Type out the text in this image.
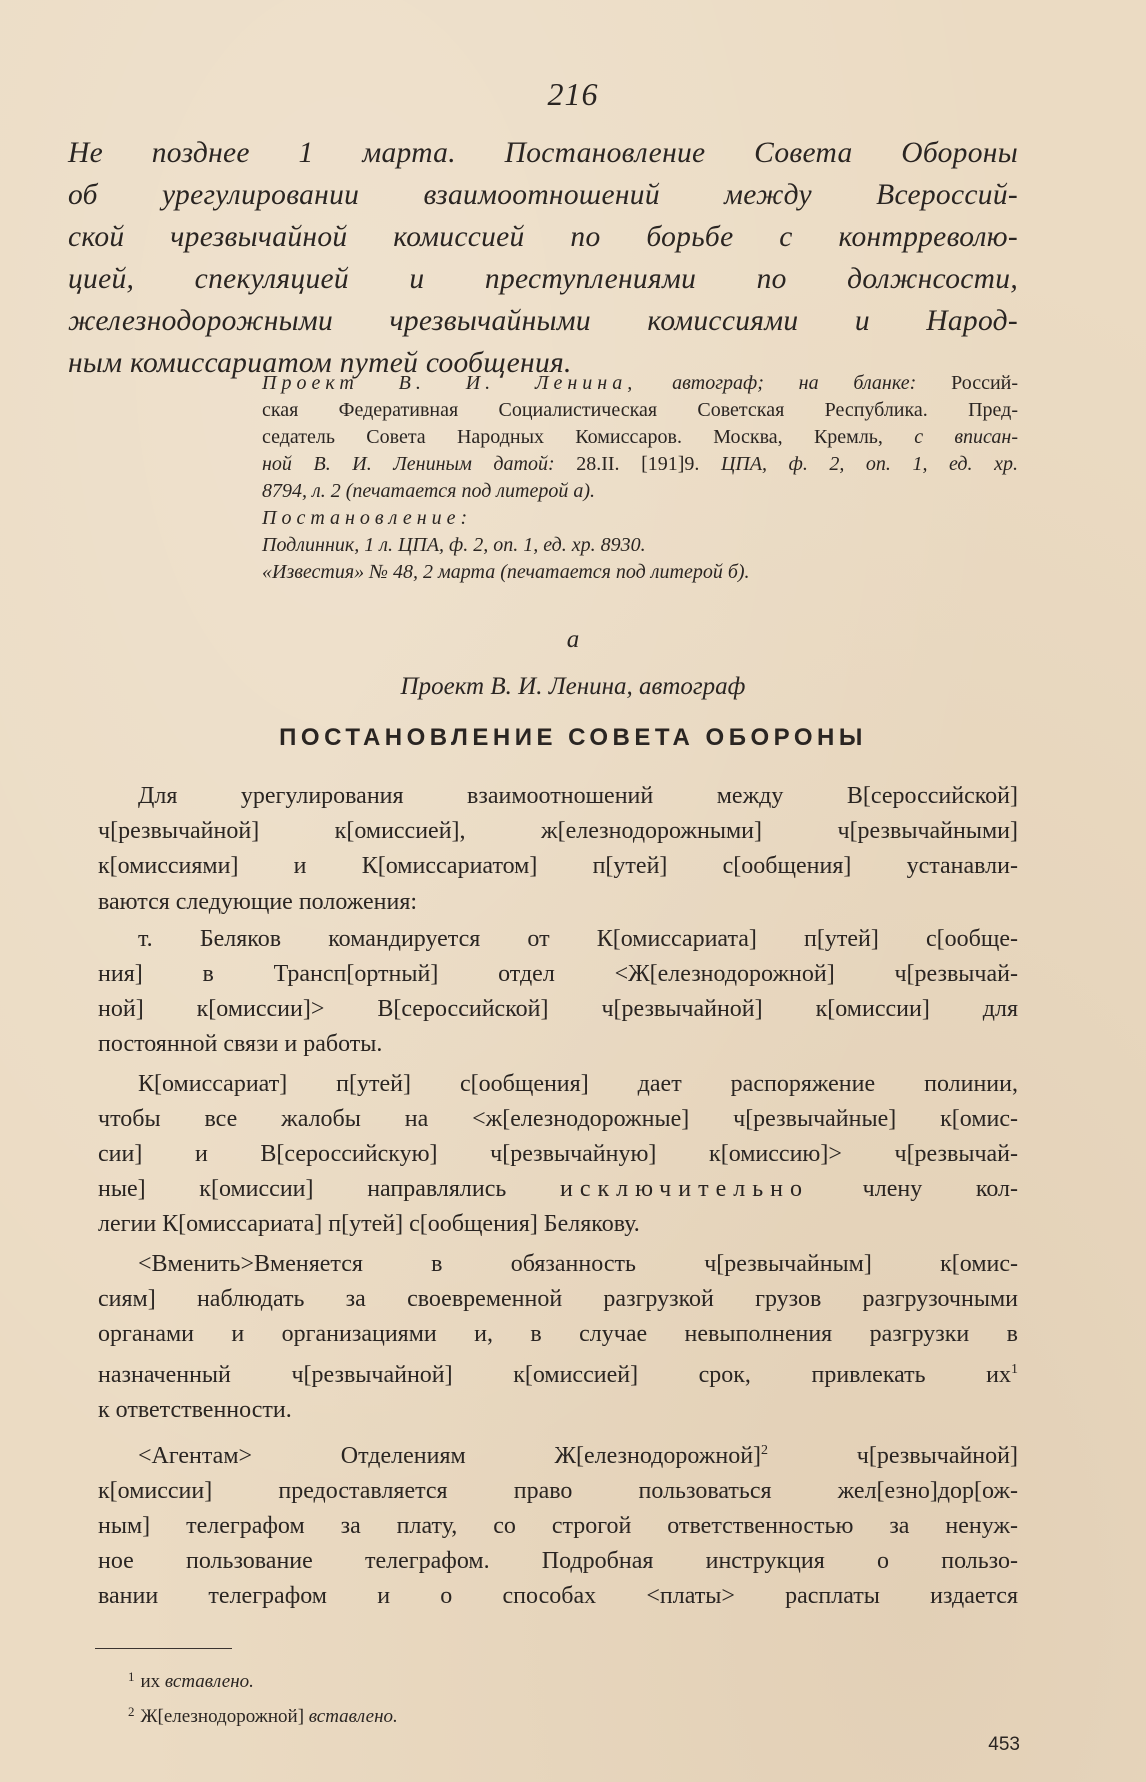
216
Не позднее 1 марта. Постановление Совета Обороны
об урегулировании взаимоотношений между Всероссий-
ской чрезвычайной комиссией по борьбе с контрреволю-
цией, спекуляцией и преступлениями по должнсости,
железнодорожными чрезвычайными комиссиями и Народ-
ным комиссариатом путей сообщения.
Проект В. И. Ленина, автограф; на бланке: Россий-
ская Федеративная Социалистическая Советская Республика. Пред-
седатель Совета Народных Комиссаров. Москва, Кремль, с вписан-
ной В. И. Лениным датой: 28.II. [191]9. ЦПА, ф. 2, оп. 1, ед. хр.
8794, л. 2 (печатается под литерой а).
Постановление:
Подлинник, 1 л. ЦПА, ф. 2, оп. 1, ед. хр. 8930.
«Известия» № 48, 2 марта (печатается под литерой б).
а
Проект В. И. Ленина, автограф
ПОСТАНОВЛЕНИЕ СОВЕТА ОБОРОНЫ
Для урегулирования взаимоотношений между В[сероссийской]
ч[резвычайной] к[омиссией], ж[елезнодорожными] ч[резвычайными]
к[омиссиями] и К[омиссариатом] п[утей] с[ообщения] устанавли-
ваются следующие положения:
т. Беляков командируется от К[омиссариата] п[утей] с[ообще-
ния] в Трансп[ортный] отдел <Ж[елезнодорожной] ч[резвычай-
ной] к[омиссии]> В[сероссийской] ч[резвычайной] к[омиссии] для
постоянной связи и работы.
К[омиссариат] п[утей] с[ообщения] дает распоряжение полинии,
чтобы все жалобы на <ж[елезнодорожные] ч[резвычайные] к[омис-
сии] и В[сероссийскую] ч[резвычайную] к[омиссию]> ч[резвычай-
ные] к[омиссии] направлялись исключительно члену кол-
легии К[омиссариата] п[утей] с[ообщения] Белякову.
<Вменить>Вменяется в обязанность ч[резвычайным] к[омис-
сиям] наблюдать за своевременной разгрузкой грузов разгрузочными
органами и организациями и, в случае невыполнения разгрузки в
назначенный ч[резвычайной] к[омиссией] срок, привлекать $их^1$
к ответственности.
<Агентам> Отделениям Ж[елезнодорожной]$^2$	ч[резвычайной]
к[омиссии] предоставляется право пользоваться жел[езно]дор[ож-
ным] телеграфом за плату, со строгой ответственностью за ненуж-
ное пользование телеграфом. Подробная инструкция о пользо-
вании телеграфом и о способах <платы> расплаты издается
$^1$ их вставлено.
$^2$ Ж[елезнодорожной] вставлено.
453
